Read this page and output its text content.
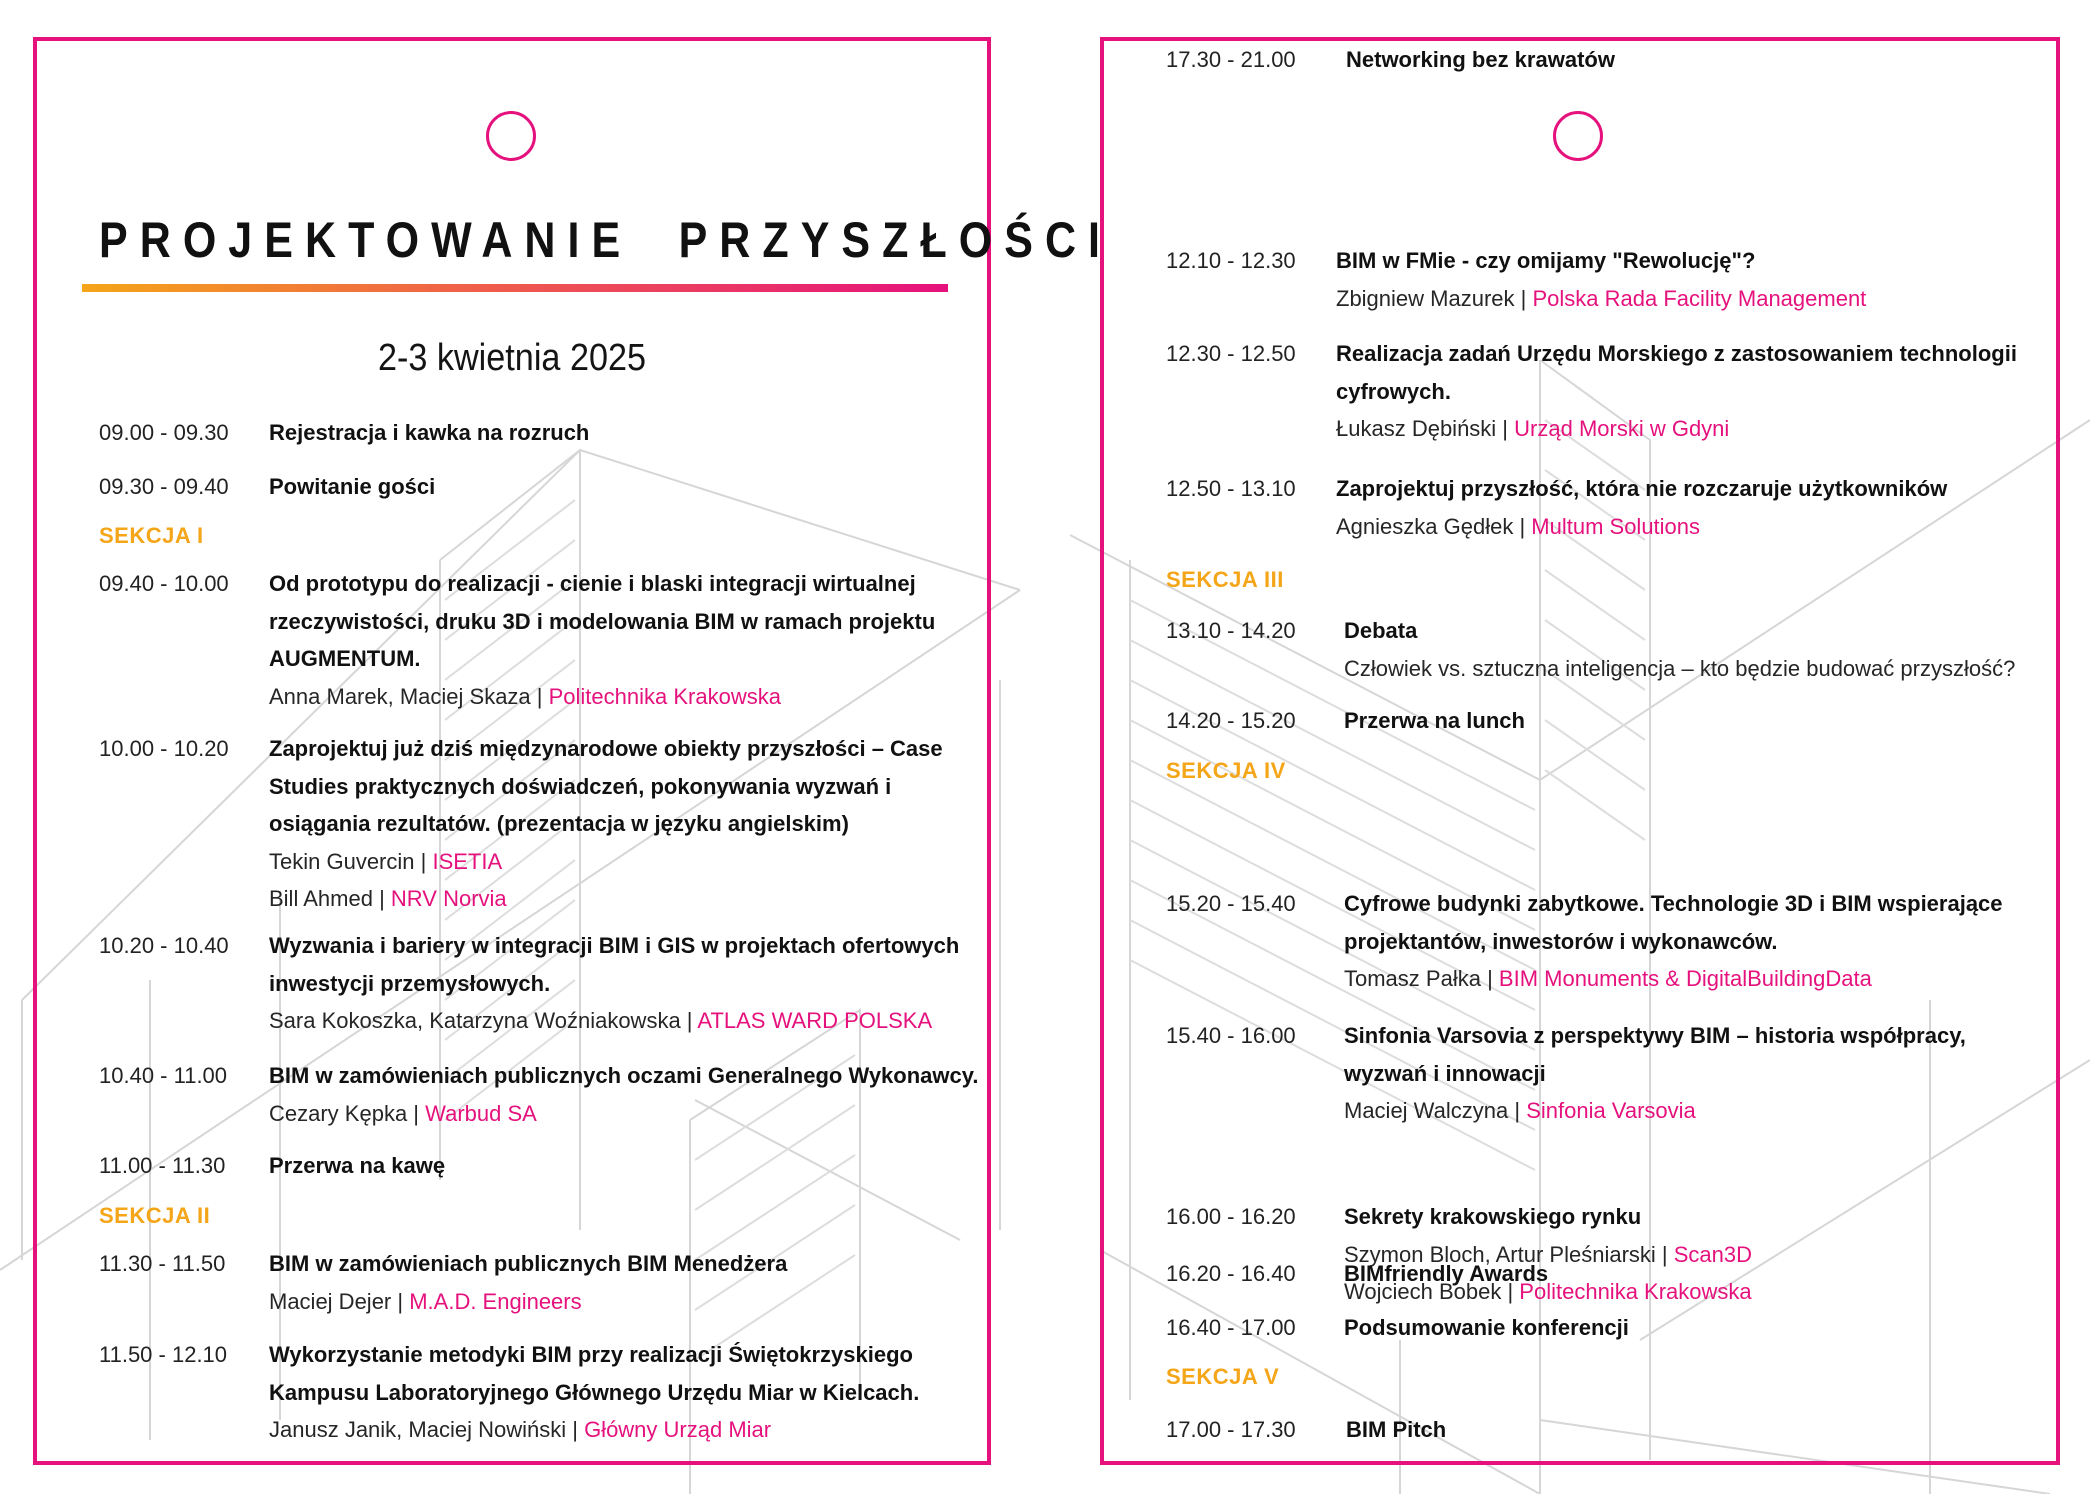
PROJEKTOWANIE PRZYSZŁOŚCI
2-3 kwietnia 2025
09.00 - 09.30 Rejestracja i kawka na rozruch
09.30 - 09.40 Powitanie gości
SEKCJA I
09.40 - 10.00 Od prototypu do realizacji - cienie i blaski integracji wirtualnej
rzeczywistości, druku 3D i modelowania BIM w ramach projektu
AUGMENTUM.
Anna Marek, Maciej Skaza | Politechnika Krakowska
10.00 - 10.20 Zaprojektuj już dziś międzynarodowe obiekty przyszłości – Case
Studies praktycznych doświadczeń, pokonywania wyzwań i
osiągania rezultatów. (prezentacja w języku angielskim)
Tekin Guvercin | ISETIA
Bill Ahmed | NRV Norvia
10.20 - 10.40 Wyzwania i bariery w integracji BIM i GIS w projektach ofertowych
inwestycji przemysłowych.
Sara Kokoszka, Katarzyna Woźniakowska | ATLAS WARD POLSKA
10.40 - 11.00 BIM w zamówieniach publicznych oczami Generalnego Wykonawcy.
Cezary Kępka | Warbud SA
11.00 - 11.30 Przerwa na kawę
SEKCJA II
11.30 - 11.50 BIM w zamówieniach publicznych BIM Menedżera
Maciej Dejer | M.A.D. Engineers
11.50 - 12.10 Wykorzystanie metodyki BIM przy realizacji Świętokrzyskiego
Kampusu Laboratoryjnego Głównego Urzędu Miar w Kielcach.
Janusz Janik, Maciej Nowiński | Główny Urząd Miar
12.10 - 12.30 BIM w FMie - czy omijamy "Rewolucję"?
Zbigniew Mazurek | Polska Rada Facility Management
12.30 - 12.50 Realizacja zadań Urzędu Morskiego z zastosowaniem technologii
cyfrowych.
Łukasz Dębiński | Urząd Morski w Gdyni
12.50 - 13.10 Zaprojektuj przyszłość, która nie rozczaruje użytkowników
Agnieszka Gędłek | Multum Solutions
SEKCJA III
13.10 - 14.20 Debata
Człowiek vs. sztuczna inteligencja – kto będzie budować przyszłość?
14.20 - 15.20 Przerwa na lunch
SEKCJA IV
15.20 - 15.40 Cyfrowe budynki zabytkowe. Technologie 3D i BIM wspierające
projektantów, inwestorów i wykonawców.
Tomasz Pałka | BIM Monuments & DigitalBuildingData
15.40 - 16.00 Sinfonia Varsovia z perspektywy BIM – historia współpracy,
wyzwań i innowacji
Maciej Walczyna | Sinfonia Varsovia
16.00 - 16.20 Sekrety krakowskiego rynku
Szymon Bloch, Artur Pleśniarski | Scan3D
Wojciech Bobek | Politechnika Krakowska
16.20 - 16.40 BIMfriendly Awards
16.40 - 17.00 Podsumowanie konferencji
SEKCJA V
17.00 - 17.30 BIM Pitch
17.30 - 21.00 Networking bez krawatów
